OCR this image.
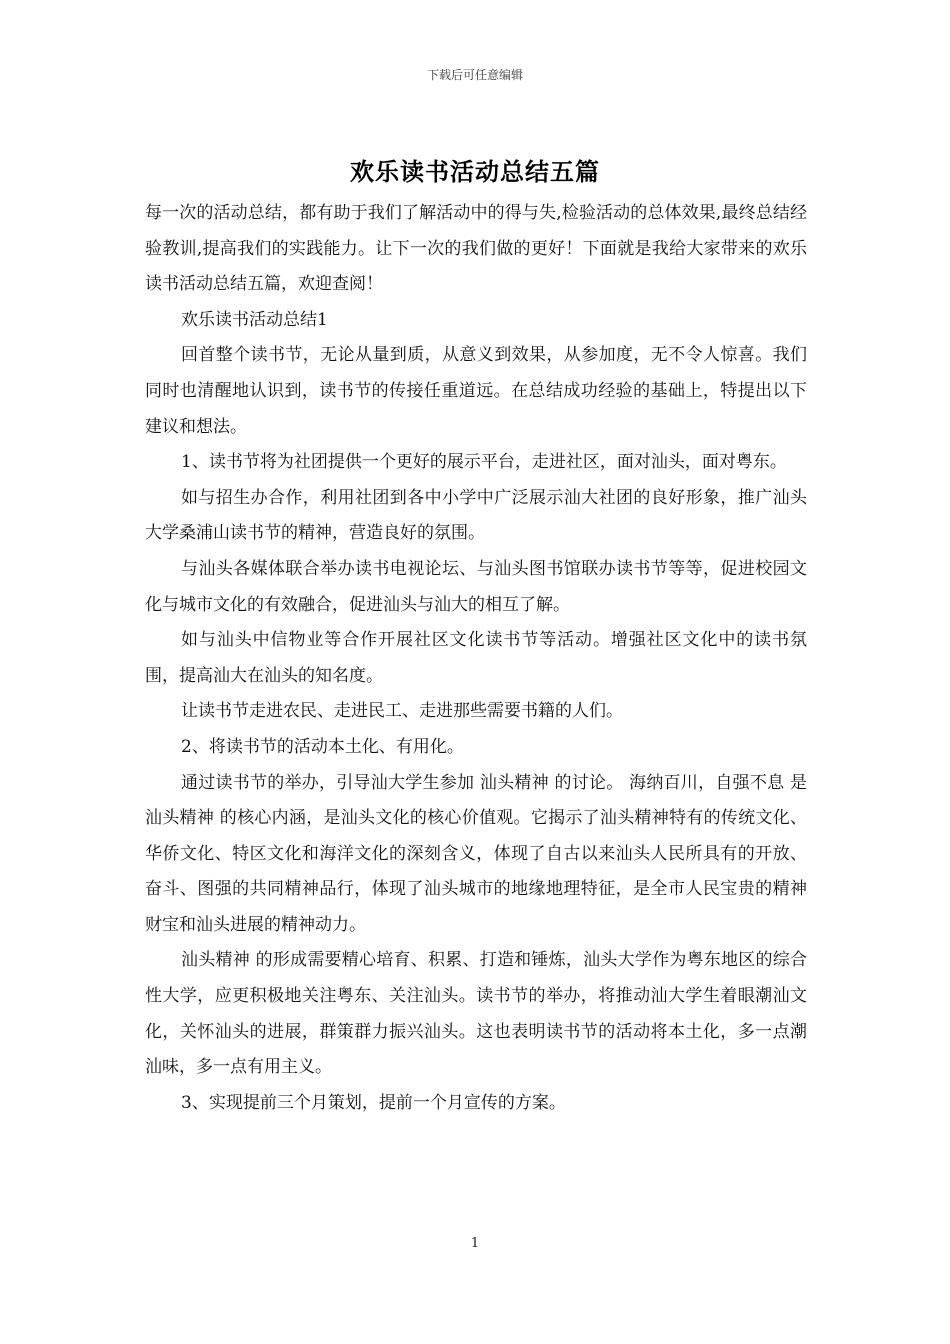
下载后可任意编辑
欢乐读书活动总结五篇

每一次的活动总结，都有助于我们了解活动中的得与失,检验活动的总体效果,最终总结经验教训,提高我们的实践能力。让下一次的我们做的更好！下面就是我给大家带来的欢乐读书活动总结五篇，欢迎查阅！

欢乐读书活动总结1

回首整个读书节，无论从量到质，从意义到效果，从参加度，无不令人惊喜。我们同时也清醒地认识到，读书节的传接任重道远。在总结成功经验的基础上，特提出以下建议和想法。

1、读书节将为社团提供一个更好的展示平台，走进社区，面对汕头，面对粤东。

如与招生办合作，利用社团到各中小学中广泛展示汕大社团的良好形象，推广汕头大学桑浦山读书节的精神，营造良好的氛围。

与汕头各媒体联合举办读书电视论坛、与汕头图书馆联办读书节等等，促进校园文化与城市文化的有效融合，促进汕头与汕大的相互了解。

如与汕头中信物业等合作开展社区文化读书节等活动。增强社区文化中的读书氛围，提高汕大在汕头的知名度。

让读书节走进农民、走进民工、走进那些需要书籍的人们。

2、将读书节的活动本土化、有用化。

通过读书节的举办，引导汕大学生参加 汕头精神 的讨论。 海纳百川，自强不息 是 汕头精神 的核心内涵，是汕头文化的核心价值观。它揭示了汕头精神特有的传统文化、华侨文化、特区文化和海洋文化的深刻含义，体现了自古以来汕头人民所具有的开放、奋斗、图强的共同精神品行，体现了汕头城市的地缘地理特征，是全市人民宝贵的精神财宝和汕头进展的精神动力。

汕头精神 的形成需要精心培育、积累、打造和锤炼，汕头大学作为粤东地区的综合性大学，应更积极地关注粤东、关注汕头。读书节的举办，将推动汕大学生着眼潮汕文化，关怀汕头的进展，群策群力振兴汕头。这也表明读书节的活动将本土化，多一点潮汕味，多一点有用主义。

3、实现提前三个月策划，提前一个月宣传的方案。

1
